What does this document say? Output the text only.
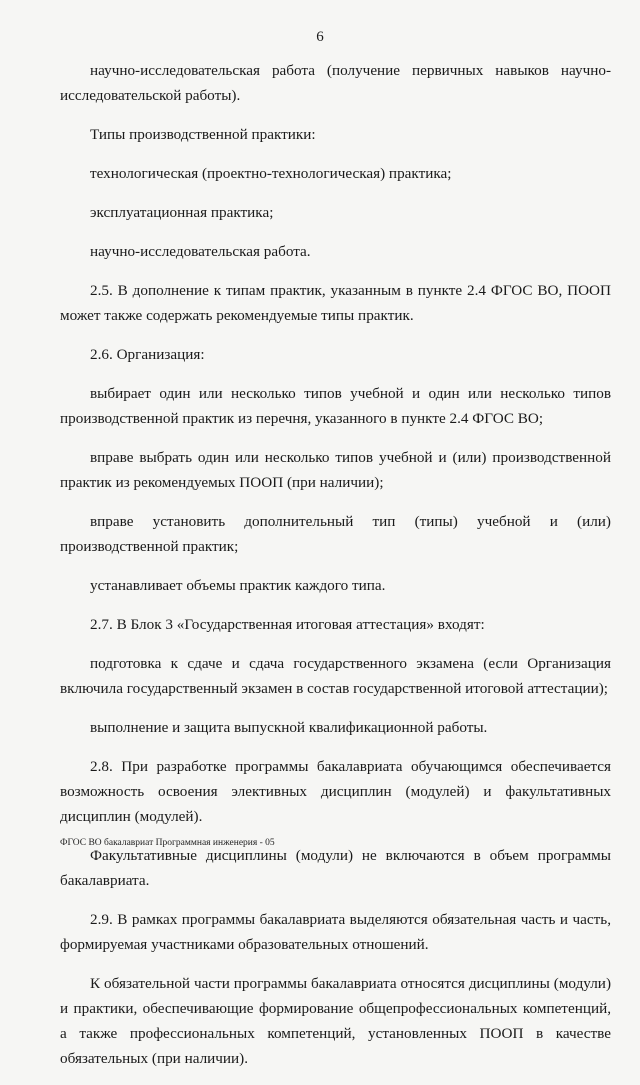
6

научно-исследовательская работа (получение первичных навыков научно-исследовательской работы).

Типы производственной практики:

технологическая (проектно-технологическая) практика;

эксплуатационная практика;

научно-исследовательская работа.

2.5. В дополнение к типам практик, указанным в пункте 2.4 ФГОС ВО, ПООП может также содержать рекомендуемые типы практик.

2.6. Организация:

выбирает один или несколько типов учебной и один или несколько типов производственной практик из перечня, указанного в пункте 2.4 ФГОС ВО;

вправе выбрать один или несколько типов учебной и (или) производственной практик из рекомендуемых ПООП (при наличии);

вправе установить дополнительный тип (типы) учебной и (или) производственной практик;

устанавливает объемы практик каждого типа.

2.7. В Блок 3 «Государственная итоговая аттестация» входят:

подготовка к сдаче и сдача государственного экзамена (если Организация включила государственный экзамен в состав государственной итоговой аттестации);

выполнение и защита выпускной квалификационной работы.

2.8. При разработке программы бакалавриата обучающимся обеспечивается возможность освоения элективных дисциплин (модулей) и факультативных дисциплин (модулей).

Факультативные дисциплины (модули) не включаются в объем программы бакалавриата.

2.9. В рамках программы бакалавриата выделяются обязательная часть и часть, формируемая участниками образовательных отношений.

К обязательной части программы бакалавриата относятся дисциплины (модули) и практики, обеспечивающие формирование общепрофессиональных компетенций, а также профессиональных компетенций, установленных ПООП в качестве обязательных (при наличии).

ФГОС ВО бакалавриат Программная инженерия - 05
